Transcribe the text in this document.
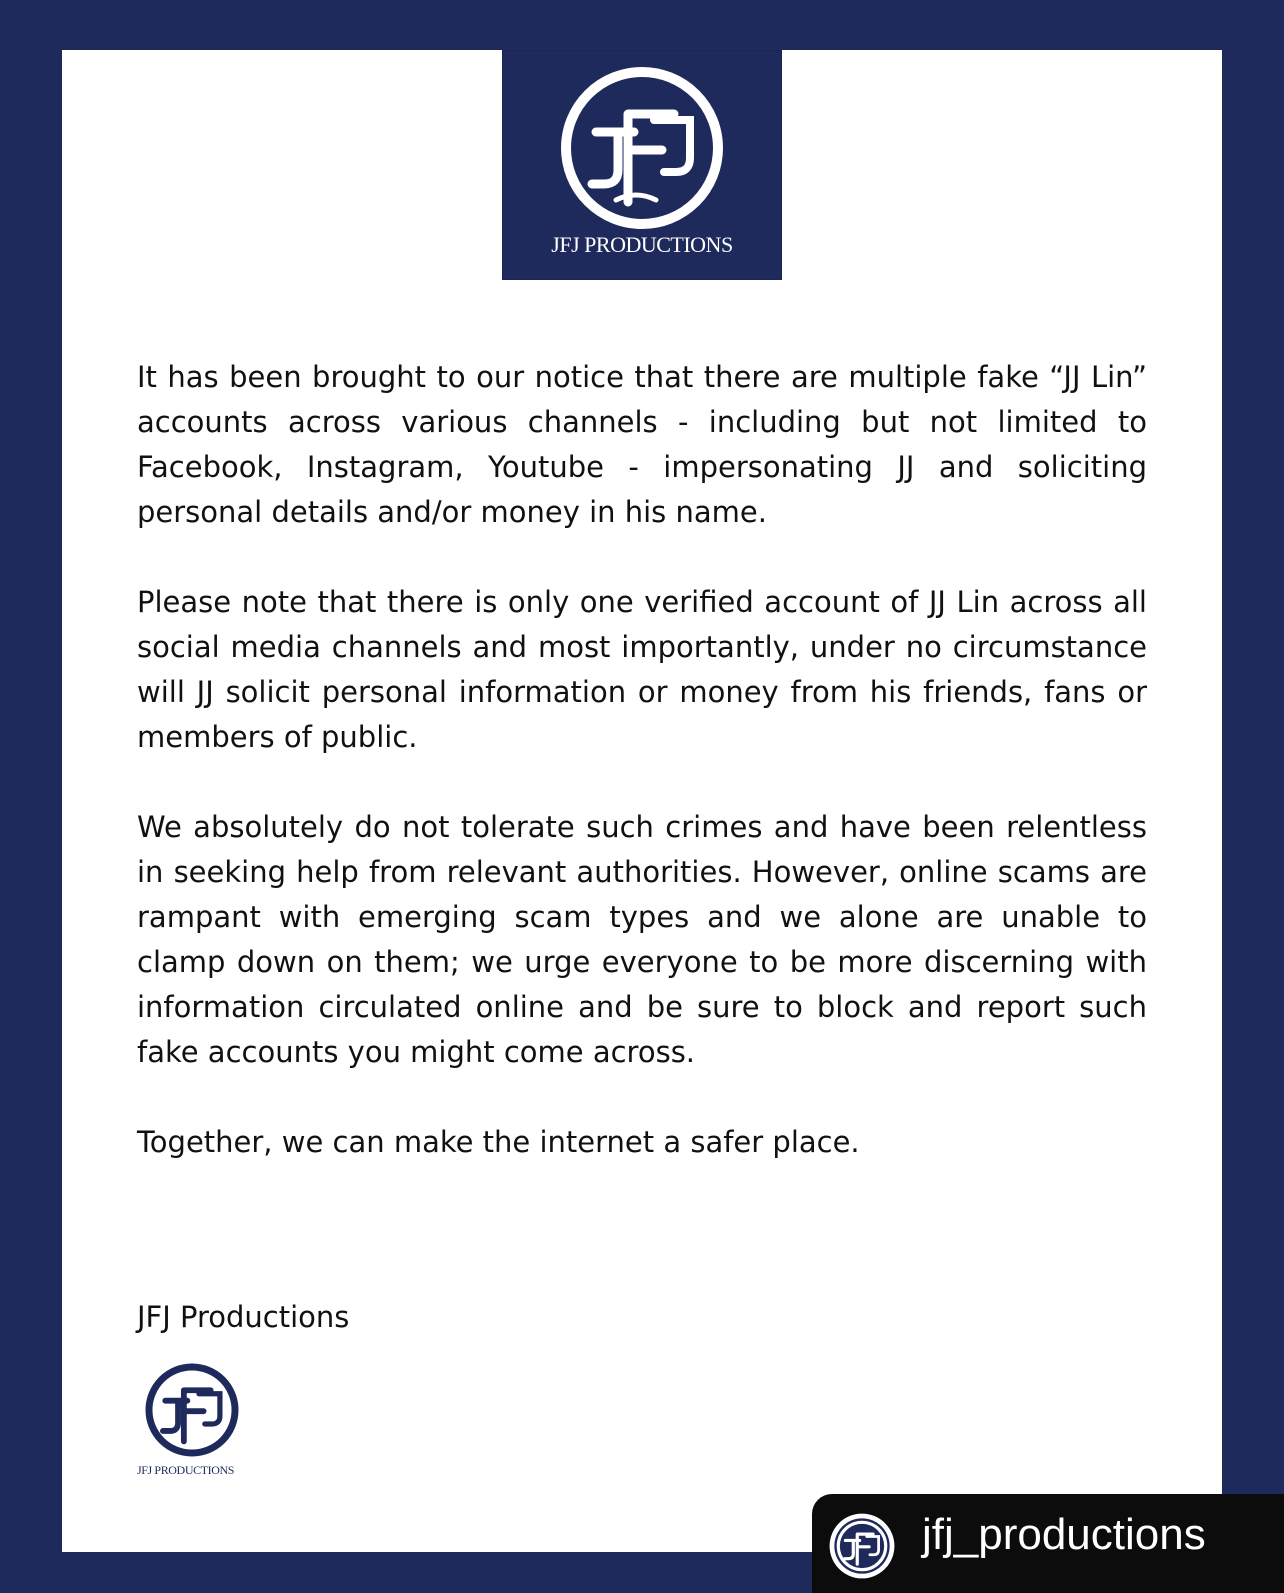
JFJ PRODUCTIONS

It has been brought to our notice that there are multiple fake “JJ Lin” accounts across various channels - including but not limited to Facebook, Instagram, Youtube - impersonating JJ and soliciting personal details and/or money in his name.

Please note that there is only one verified account of JJ Lin across all social media channels and most importantly, under no circumstance will JJ solicit personal information or money from his friends, fans or members of public.

We absolutely do not tolerate such crimes and have been relentless in seeking help from relevant authorities. However, online scams are rampant with emerging scam types and we alone are unable to clamp down on them; we urge everyone to be more discerning with information circulated online and be sure to block and report such fake accounts you might come across.

Together, we can make the internet a safer place.

JFJ Productions
JFJ PRODUCTIONS
jfj_productions
